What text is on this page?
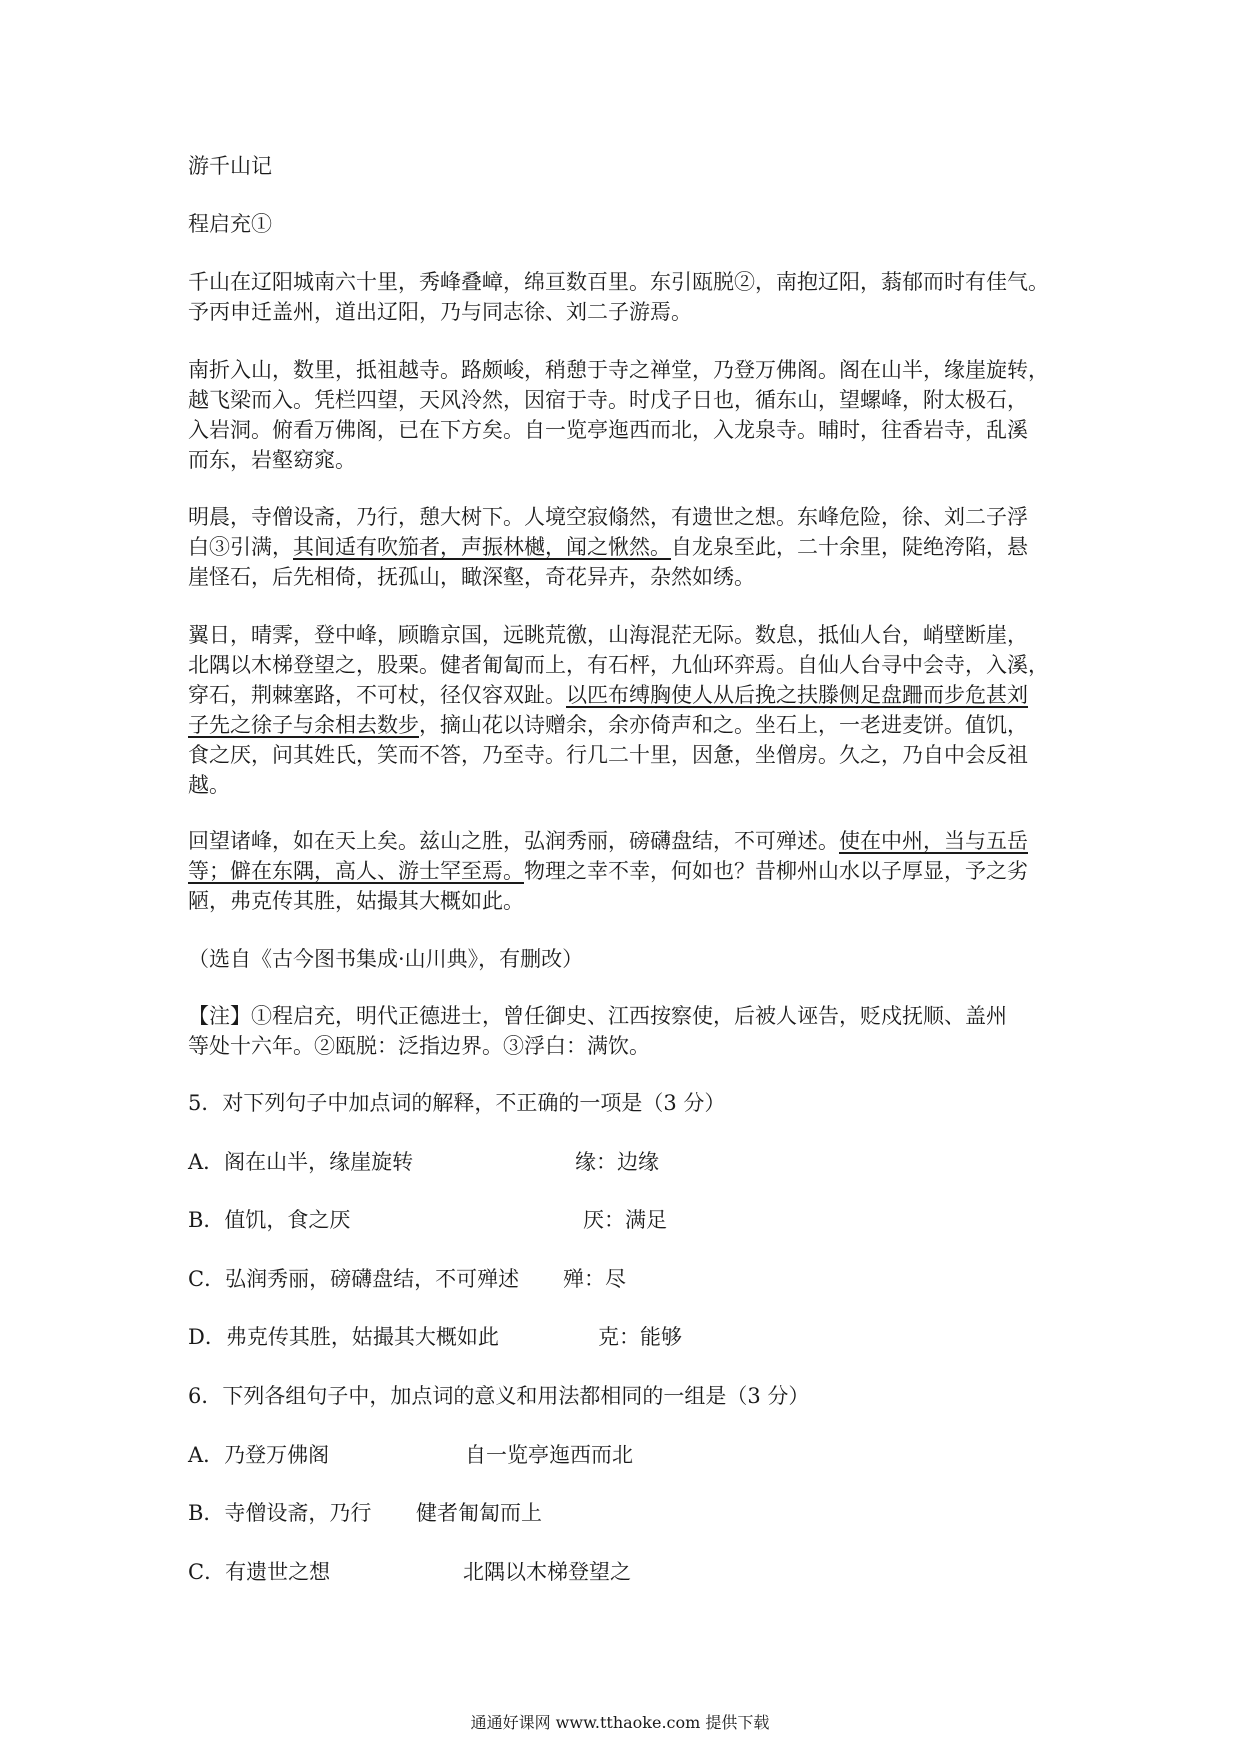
游千山记
程启充①

千山在辽阳城南六十里，秀峰叠嶂，绵亘数百里。东引瓯脱②，南抱辽阳，蓊郁而时有佳气。

予丙申迁盖州，道出辽阳，乃与同志徐、刘二子游焉。

南折入山，数里，抵祖越寺。路颇峻，稍憩于寺之禅堂，乃登万佛阁。阁在山半，缘崖旋转，

越飞梁而入。凭栏四望，天风泠然，因宿于寺。时戊子日也，循东山，望螺峰，附太极石，

入岩洞。俯看万佛阁，已在下方矣。自一览亭迤西而北，入龙泉寺。晡时，往香岩寺，乱溪

而东，岩壑窈窕。

明晨，寺僧设斋，乃行，憩大树下。人境空寂翛然，有遗世之想。东峰危险，徐、刘二子浮

白③引满，其间适有吹笳者，声振林樾，闻之愀然。自龙泉至此，二十余里，陡绝洿陷，悬

崖怪石，后先相倚，抚孤山，瞰深壑，奇花异卉，杂然如绣。

翼日，晴霁，登中峰，顾瞻京国，远眺荒徼，山海混茫无际。数息，抵仙人台，峭壁断崖，

北隅以木梯登望之，股栗。健者匍匐而上，有石枰，九仙环弈焉。自仙人台寻中会寺，入溪，

穿石，荆棘塞路，不可杖，径仅容双趾。以匹布缚胸使人从后挽之扶滕侧足盘跚而步危甚刘

子先之徐子与余相去数步，摘山花以诗赠余，余亦倚声和之。坐石上，一老进麦饼。值饥，

食之厌，问其姓氏，笑而不答，乃至寺。行几二十里，因惫，坐僧房。久之，乃自中会反祖

越。

回望诸峰，如在天上矣。兹山之胜，弘润秀丽，磅礴盘结，不可殚述。使在中州，当与五岳

等；僻在东隅，高人、游士罕至焉。物理之幸不幸，何如也？昔柳州山水以子厚显，予之劣

陋，弗克传其胜，姑撮其大概如此。

（选自《古今图书集成·山川典》，有删改）

【注】①程启充，明代正德进士，曾任御史、江西按察使，后被人诬告，贬戍抚顺、盖州

等处十六年。②瓯脱：泛指边界。③浮白：满饮。

5．对下列句子中加点词的解释，不正确的一项是（3 分）
A．阁在山半，缘崖旋转	缘：边缘
B．值饥，食之厌	厌：满足
C．弘润秀丽，磅礴盘结，不可殚述 殚：尽
D．弗克传其胜，姑撮其大概如此	克：能够
6．下列各组句子中，加点词的意义和用法都相同的一组是（3 分）
A．乃登万佛阁	自一览亭迤西而北
B．寺僧设斋，乃行 健者匍匐而上
C．有遗世之想	北隅以木梯登望之
通通好课网 www.tthaoke.com 提供下载
